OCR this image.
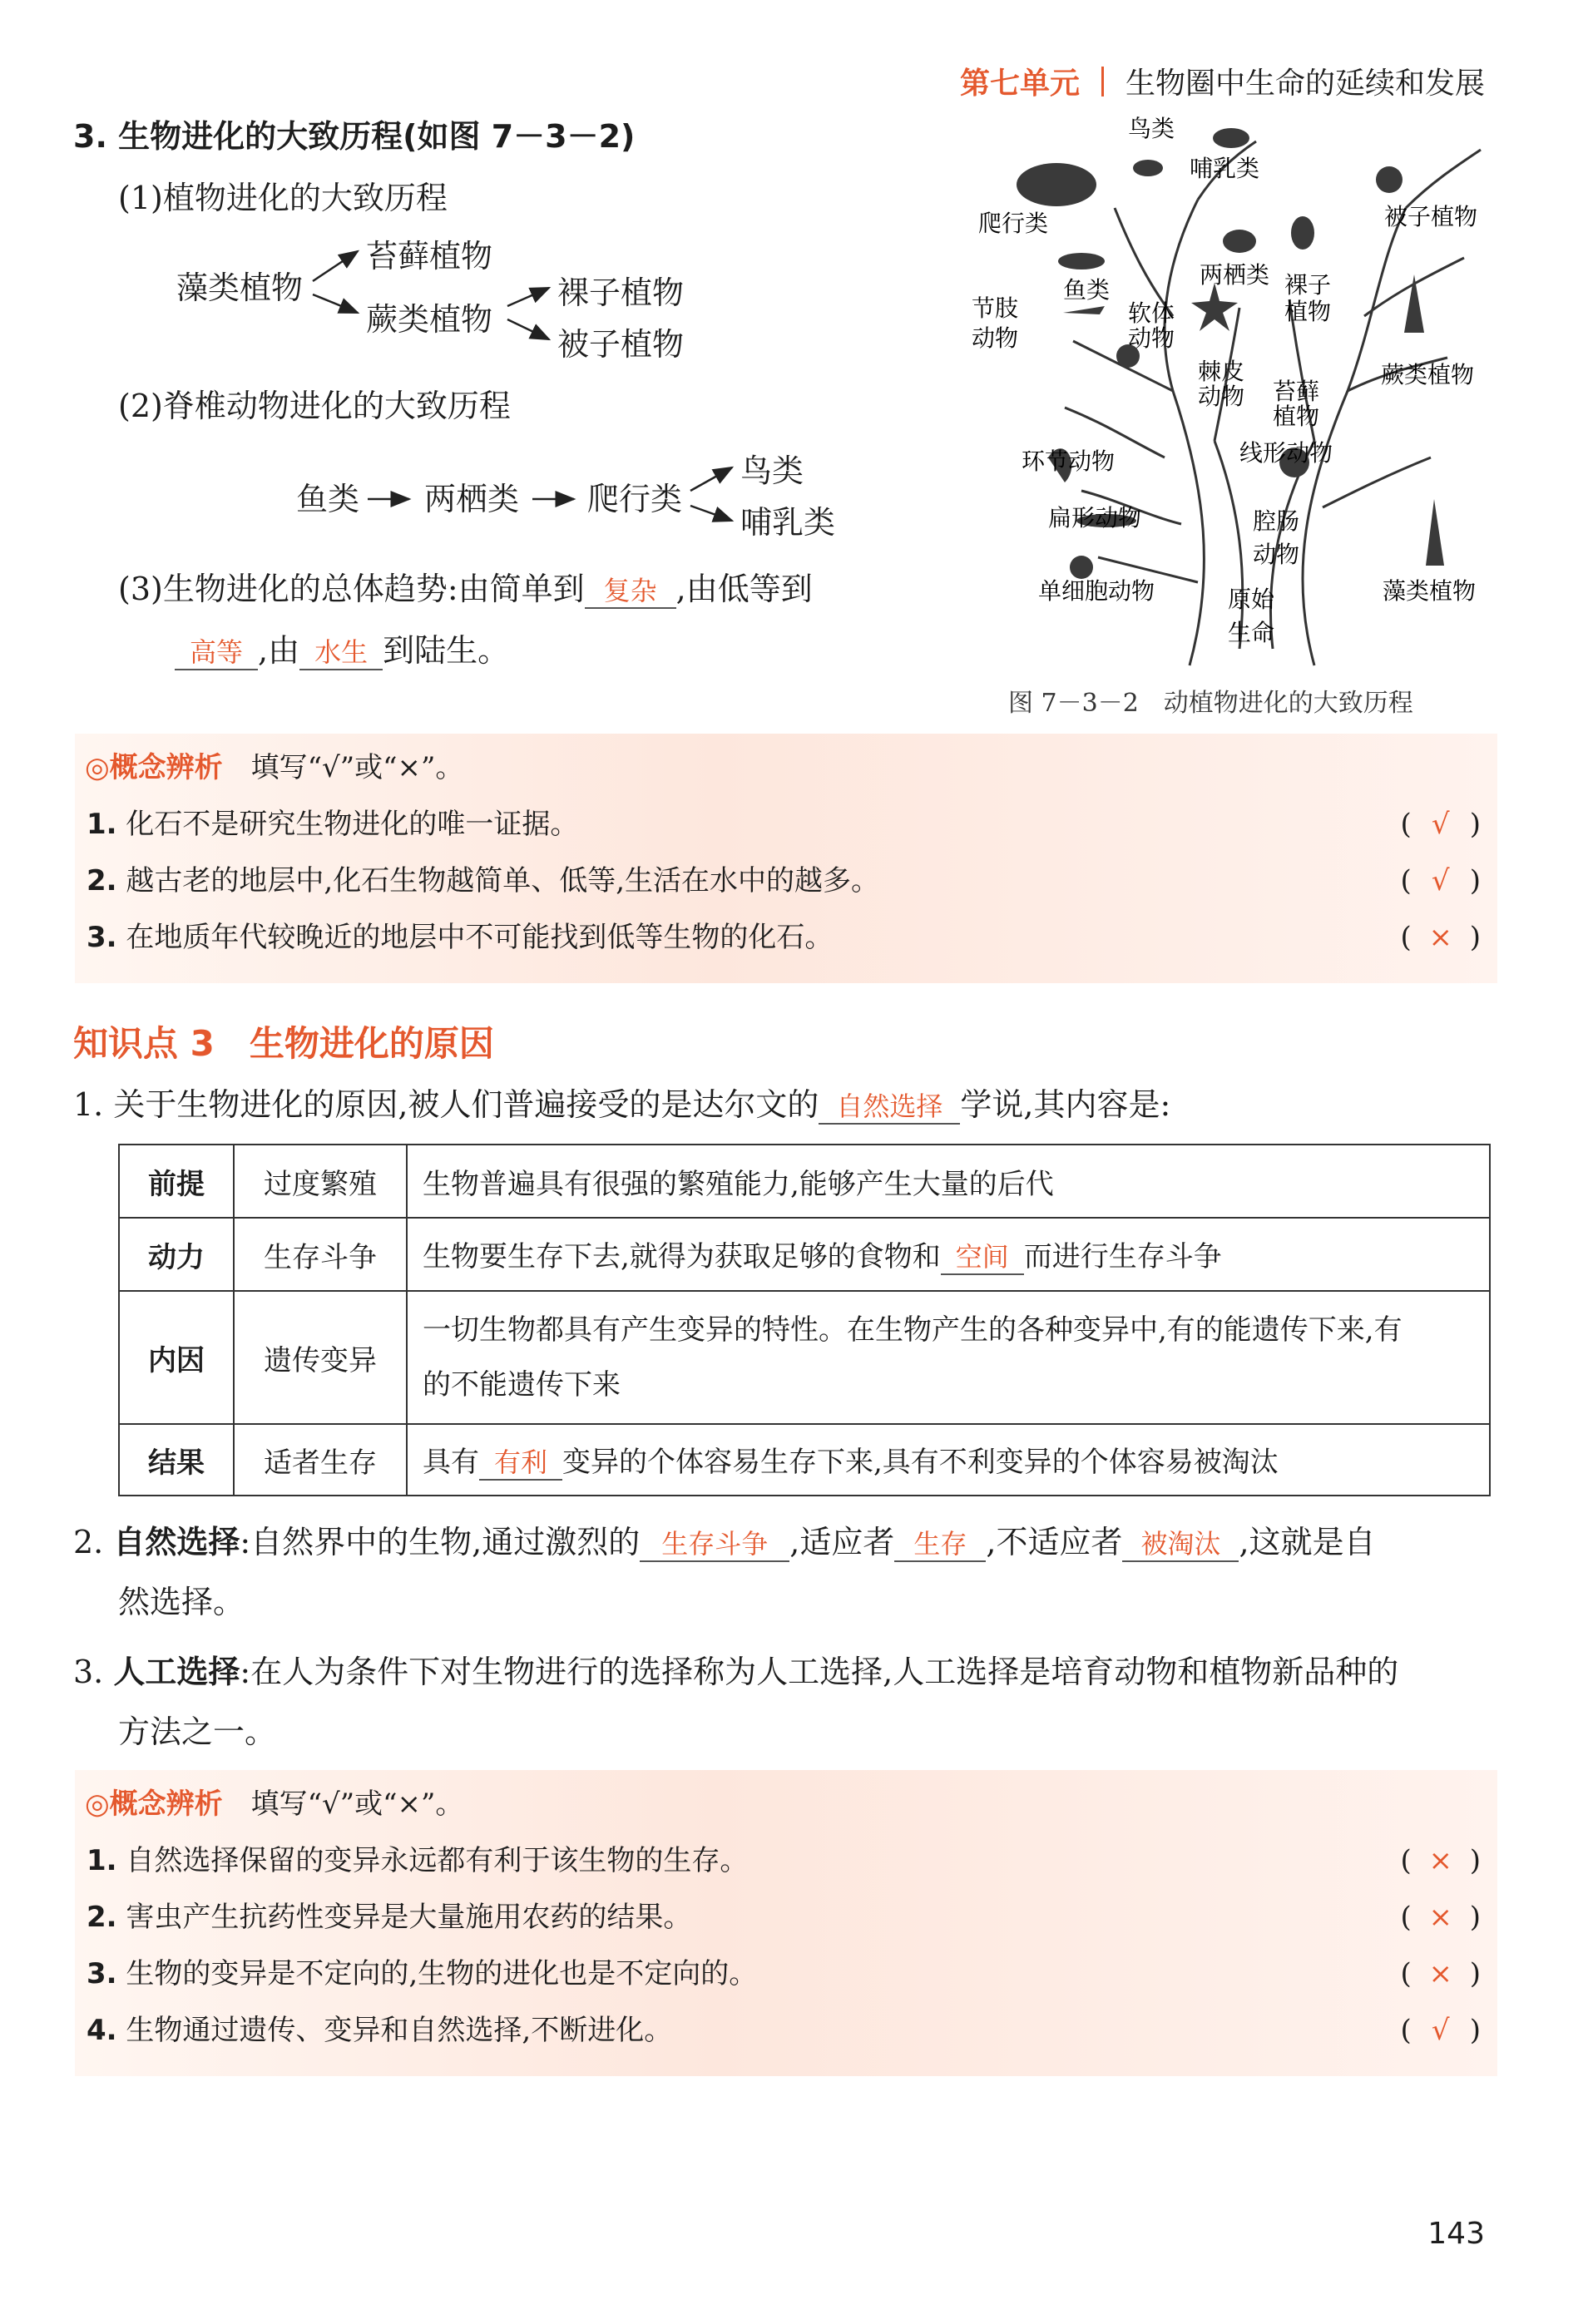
第七单元 生物圈中生命的延续和发展
3. 生物进化的大致历程(如图 7－3－2)
(1)植物进化的大致历程
藻类植物
苔藓植物
蕨类植物
裸子植物
被子植物
(2)脊椎动物进化的大致历程
鱼类 两栖类 爬行类
鸟类
哺乳类
(3)生物进化的总体趋势:由简单到 复杂 ,由低等到
高等 ,由 水生 到陆生。
鸟类
哺乳类
爬行类	被子植物
鱼类
两栖类 裸子
植物
节肢
动物
软体
动物
蕨类植物
棘皮
动物 苔藓
植物
环节动物	线形动物
扁形动物	腔肠
动物
单细胞动物	原始
生命
藻类植物
图 7－3－2　动植物进化的大致历程
◎概念辨析　 填写“√”或“×”。
1. 化石不是研究生物进化的唯一证据。	( √ )
2. 越古老的地层中,化石生物越简单、低等,生活在水中的越多。	( √ )
3. 在地质年代较晚近的地层中不可能找到低等生物的化石。	( × )
知识点 3　生物进化的原因
1. 关于生物进化的原因,被人们普遍接受的是达尔文的 自然选择 学说,其内容是:
前提	过度繁殖	生物普遍具有很强的繁殖能力,能够产生大量的后代
动力	生存斗争	生物要生存下去,就得为获取足够的食物和 空间 而进行生存斗争
内因	遗传变异	一切生物都具有产生变异的特性。在生物产生的各种变异中,有的能遗传下来,有
的不能遗传下来

结果	适者生存	具有 有利 变异的个体容易生存下来,具有不利变异的个体容易被淘汰
2. 自然选择:自然界中的生物,通过激烈的 生存斗争 ,适应者 生存 ,不适应者 被淘汰 ,这就是自
然选择。
3. 人工选择:在人为条件下对生物进行的选择称为人工选择,人工选择是培育动物和植物新品种的
方法之一。
◎概念辨析　 填写“√”或“×”。
1. 自然选择保留的变异永远都有利于该生物的生存。	( × )
2. 害虫产生抗药性变异是大量施用农药的结果。	( × )
3. 生物的变异是不定向的,生物的进化也是不定向的。	( × )
4. 生物通过遗传、变异和自然选择,不断进化。	( √ )
143
